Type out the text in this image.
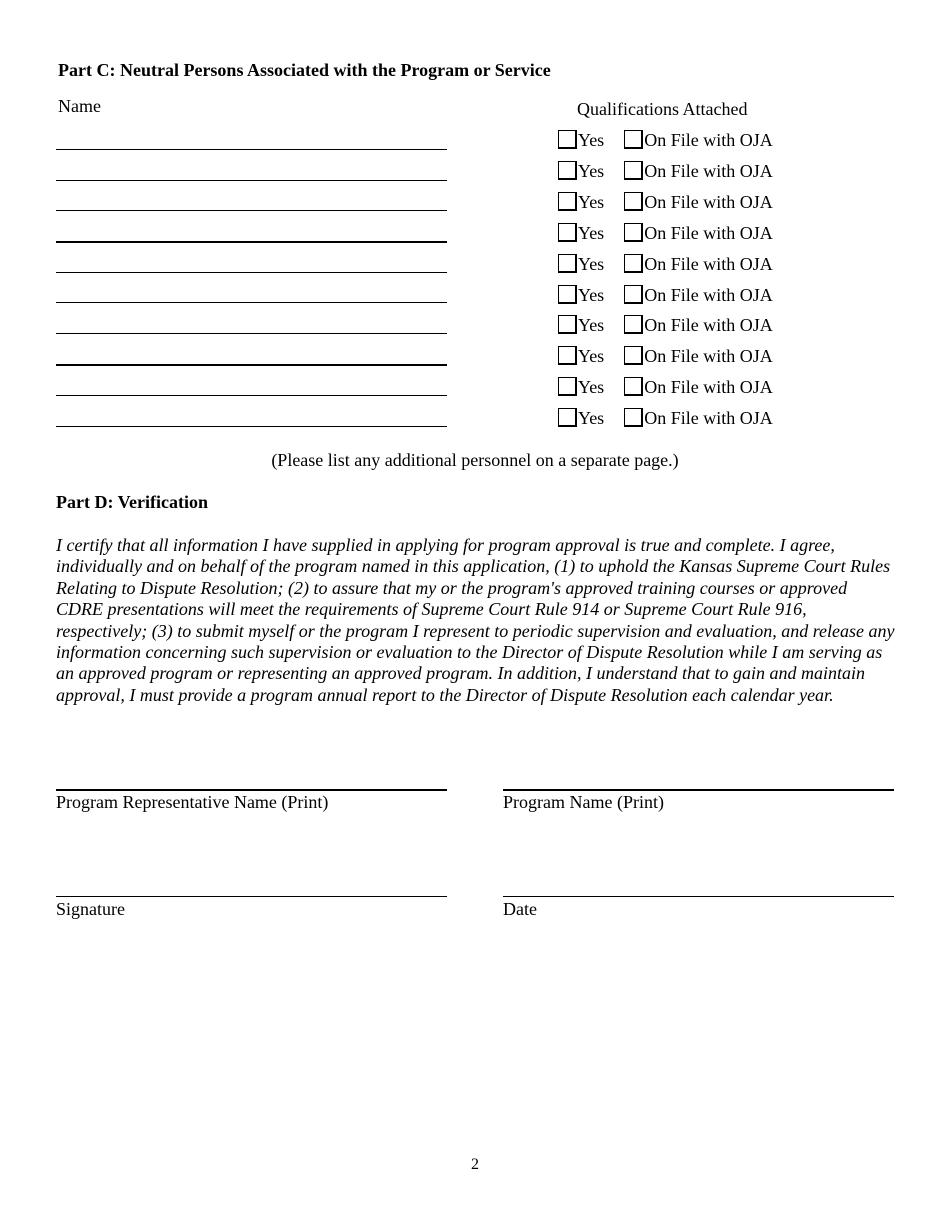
Part C: Neutral Persons Associated with the Program or Service
Name	Qualifications Attached
Yes On File with OJA
Yes On File with OJA
Yes On File with OJA
Yes On File with OJA
Yes On File with OJA
Yes On File with OJA
Yes On File with OJA
Yes On File with OJA
Yes On File with OJA
Yes On File with OJA
(Please list any additional personnel on a separate page.)
Part D: Verification

I certify that all information I have supplied in applying for program approval is true and complete. I agree, individually and on behalf of the program named in this application, (1) to uphold the Kansas Supreme Court Rules Relating to Dispute Resolution; (2) to assure that my or the program's approved training courses or approved CDRE presentations will meet the requirements of Supreme Court Rule 914 or Supreme Court Rule 916, respectively; (3) to submit myself or the program I represent to periodic supervision and evaluation, and release any information concerning such supervision or evaluation to the Director of Dispute Resolution while I am serving as an approved program or representing an approved program. In addition, I understand that to gain and maintain approval, I must provide a program annual report to the Director of Dispute Resolution each calendar year.

Program Representative Name (Print)	Program Name (Print)
Signature	Date
2
